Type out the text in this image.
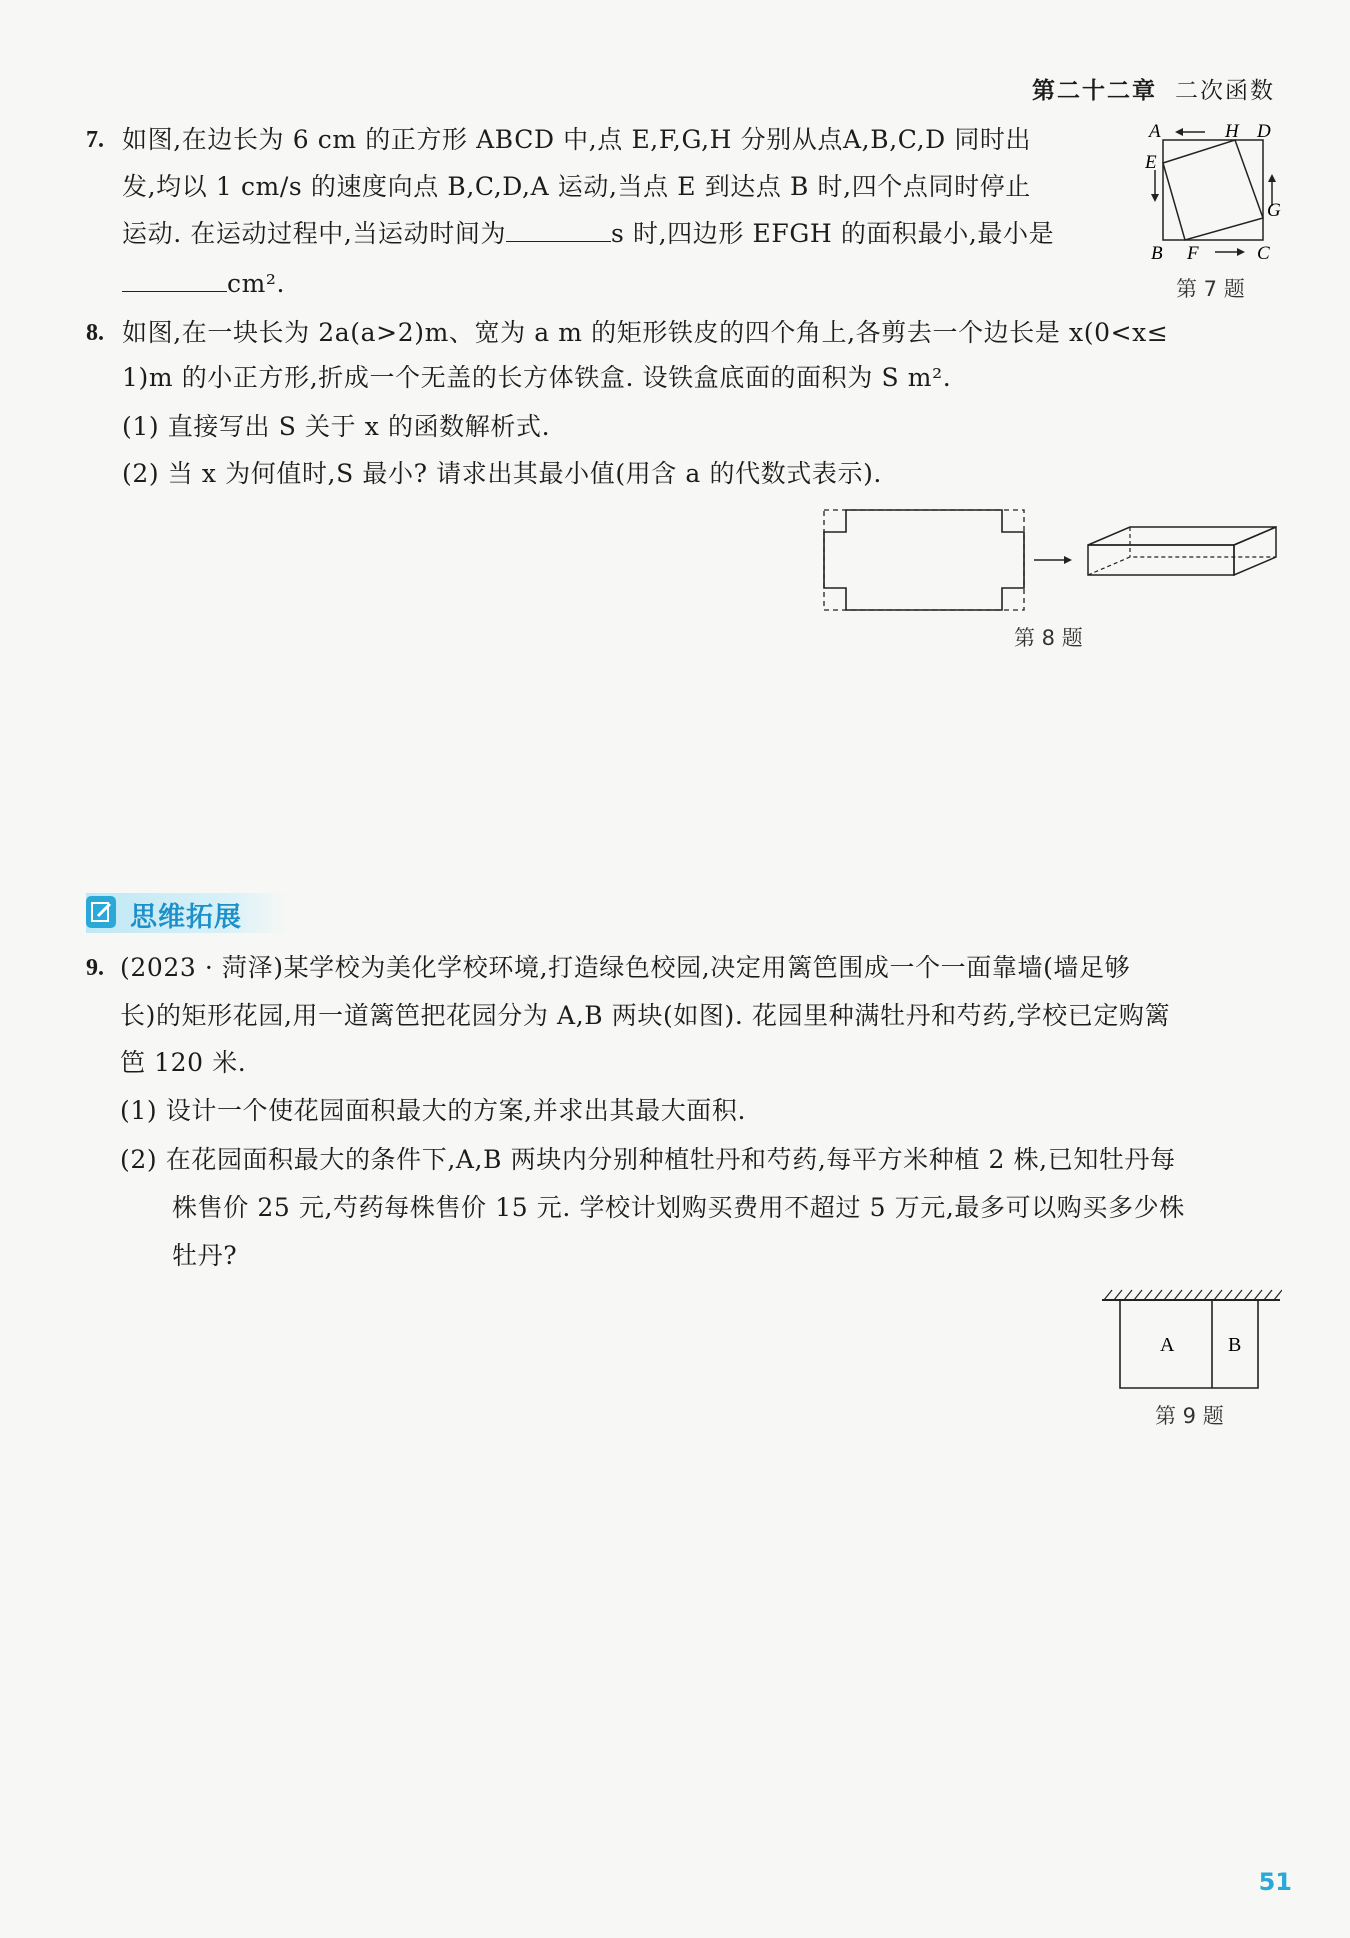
第二十二章 二次函数
7. 如图,在边长为 6 cm 的正方形 ABCD 中,点 E,F,G,H 分别从点A,B,C,D 同时出
发,均以 1 cm/s 的速度向点 B,C,D,A 运动,当点 E 到达点 B 时,四个点同时停止
运动. 在运动过程中,当运动时间为	s 时,四边形 EFGH 的面积最小,最小是
cm².
A	H D
E
G
B F	C
第 7 题
8. 如图,在一块长为 2a(a>2)m、宽为 a m 的矩形铁皮的四个角上,各剪去一个边长是 x(0<x≤
1)m 的小正方形,折成一个无盖的长方体铁盒. 设铁盒底面的面积为 S m².
(1) 直接写出 S 关于 x 的函数解析式.
(2) 当 x 为何值时,S 最小? 请求出其最小值(用含 a 的代数式表示).
第 8 题
思维拓展
9. (2023 · 菏泽)某学校为美化学校环境,打造绿色校园,决定用篱笆围成一个一面靠墙(墙足够
长)的矩形花园,用一道篱笆把花园分为 A,B 两块(如图). 花园里种满牡丹和芍药,学校已定购篱
笆 120 米.
(1) 设计一个使花园面积最大的方案,并求出其最大面积.
(2) 在花园面积最大的条件下,A,B 两块内分别种植牡丹和芍药,每平方米种植 2 株,已知牡丹每
株售价 25 元,芍药每株售价 15 元. 学校计划购买费用不超过 5 万元,最多可以购买多少株
牡丹?
A	B
第 9 题
51
